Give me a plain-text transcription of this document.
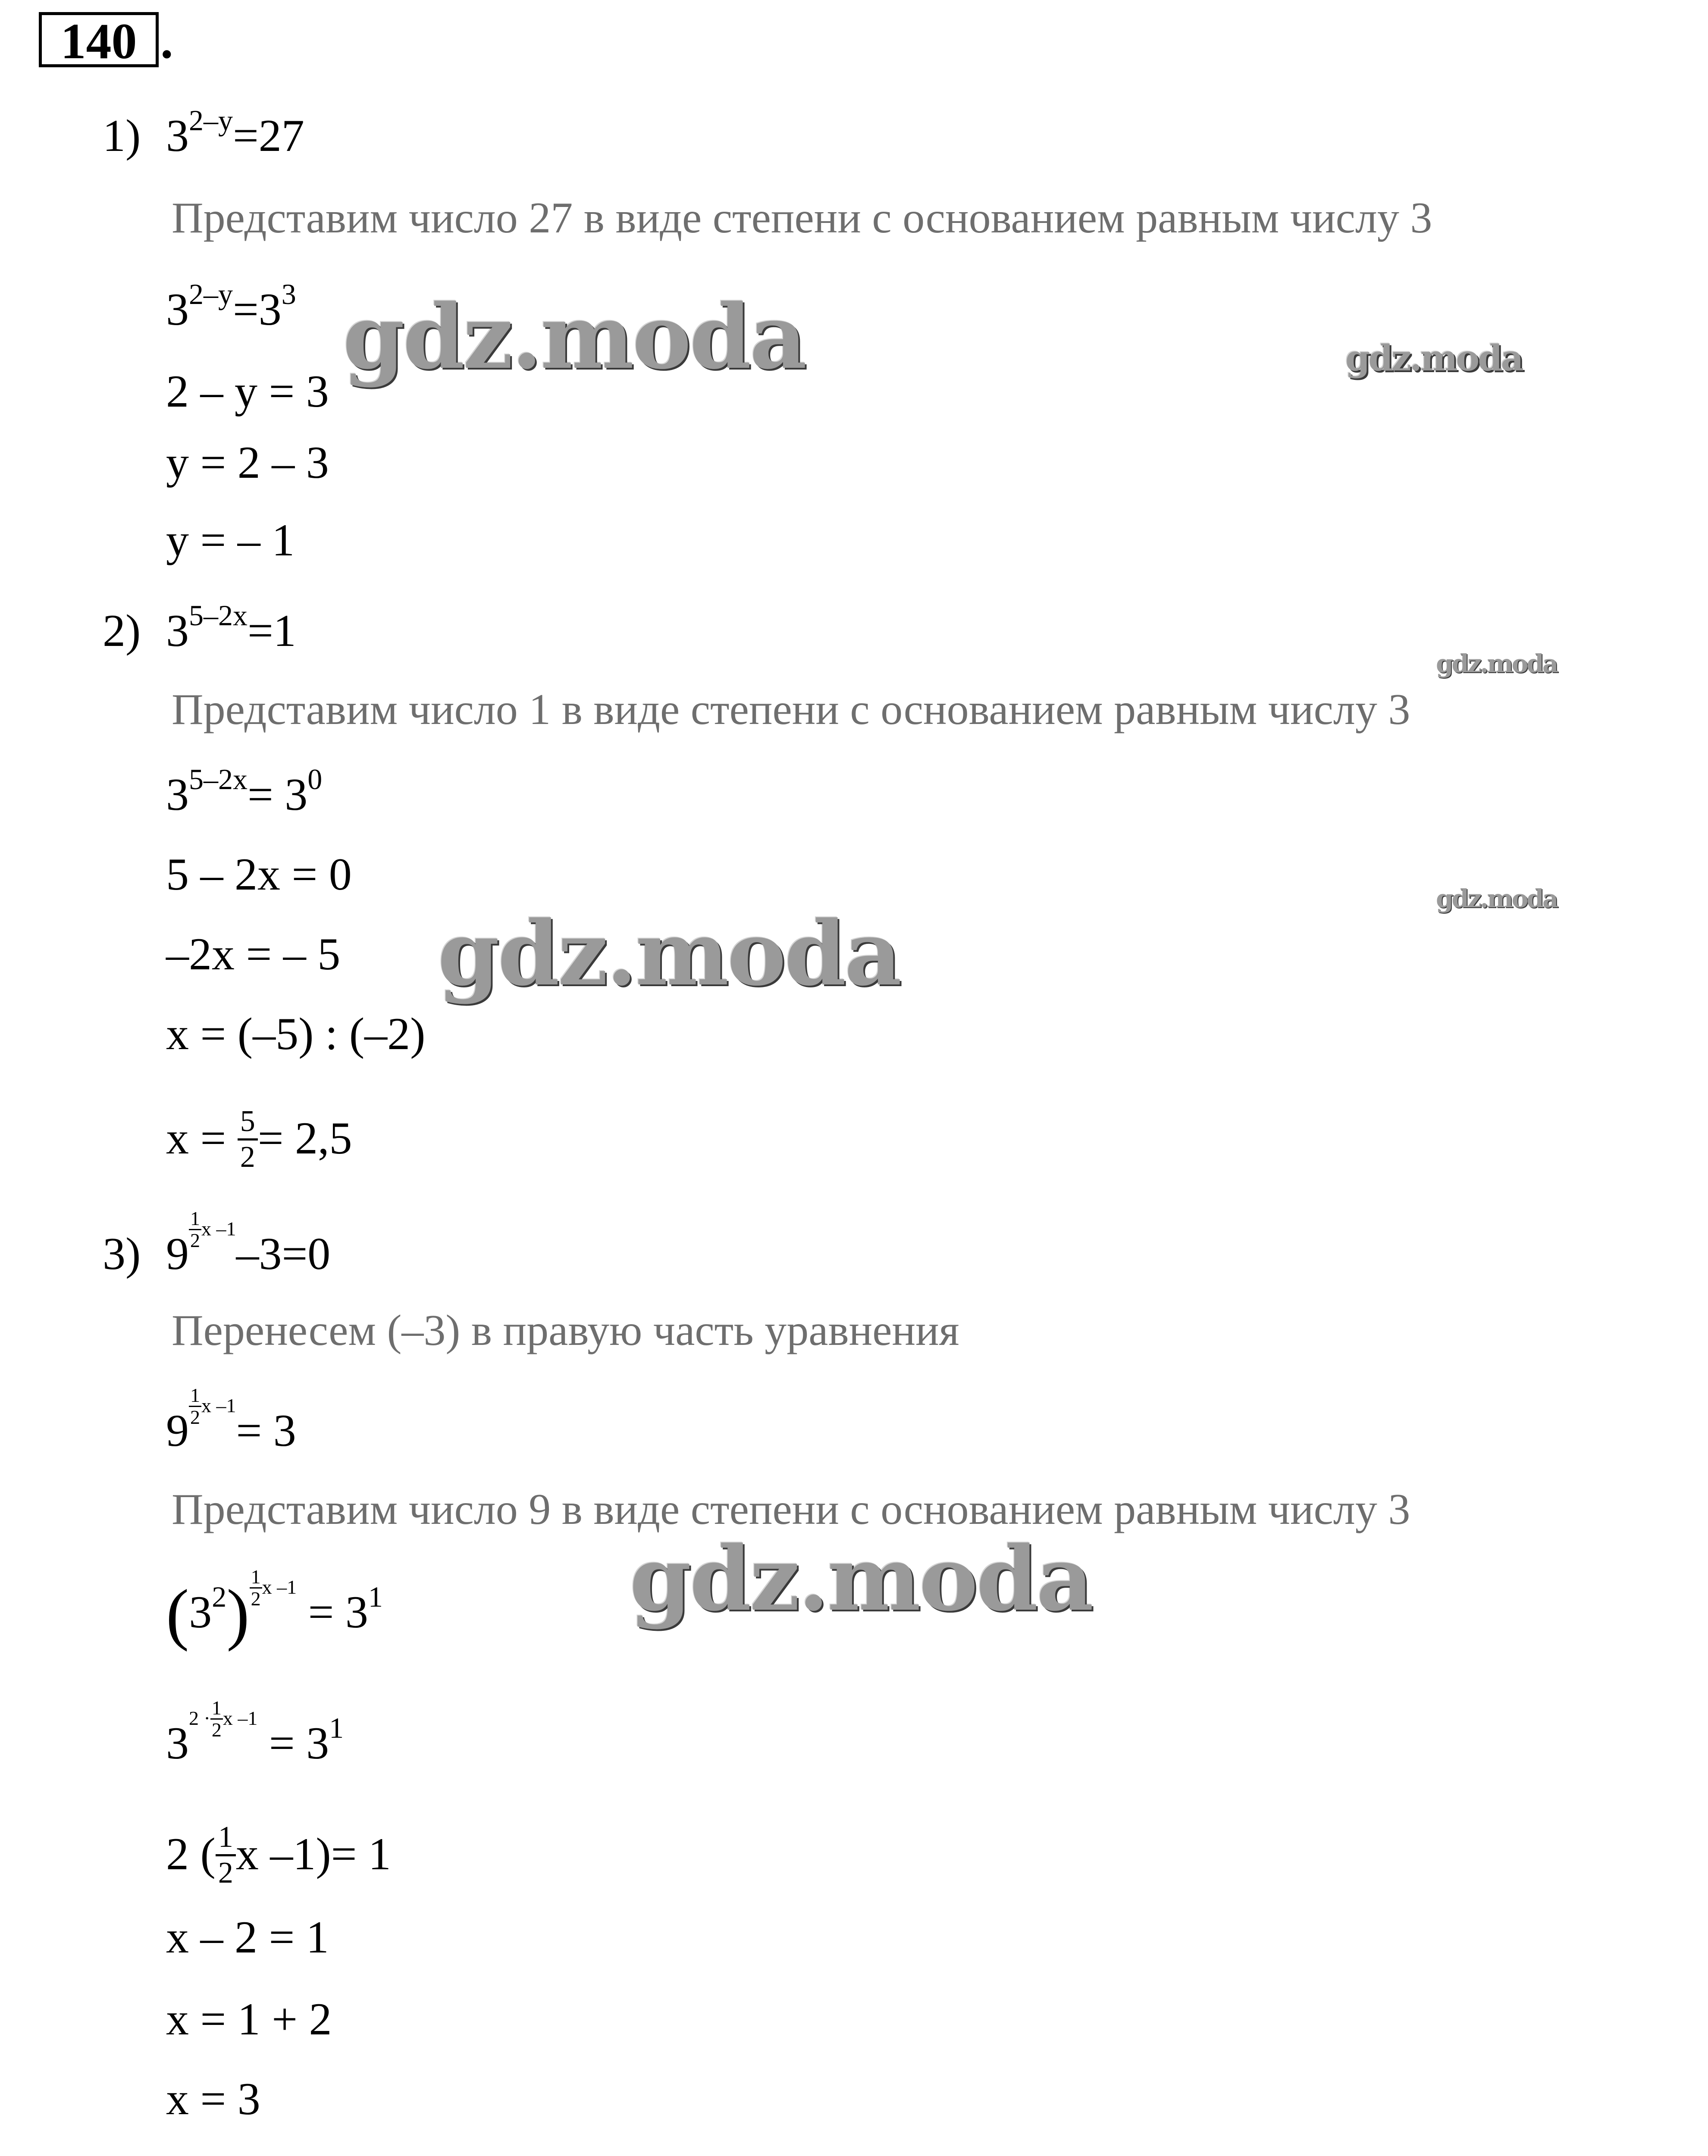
140 .
1) $3^{2-y}=27$
Представим число 27 в виде степени с основанием равным числу 3
$3^{2-y}=3^3$
2 – y = 3
y = 2 – 3
y = – 1
2) $3^{5-2x}=1$
Представим число 1 в виде степени с основанием равным числу 3
$3^{5-2x}= 3^0$
5 – 2x = 0
–2x = – 5
x = (–5) : (–2)
$x = \frac{5}{2} = 2,5$
3) 9 $^{\frac{1}{2} x -1}$–3=0
Перенесем (–3) в правую часть уравнения
9 $^{\frac{1}{2} x -1}$= 3
Представим число 9 в виде степени с основанием равным числу 3
$(3^2) ^{\frac{1}{2} x -1} = 3^1$
$3^{2 \cdot \frac{1}{2} x -1} = 3^1$
2 ( $\frac{1}{2}$ x –1)= 1
x – 2 = 1
x = 1 + 2
x = 3
gdz.moda	gdz.moda
gdz.moda
gdz.moda
gdz.moda
gdz.moda
